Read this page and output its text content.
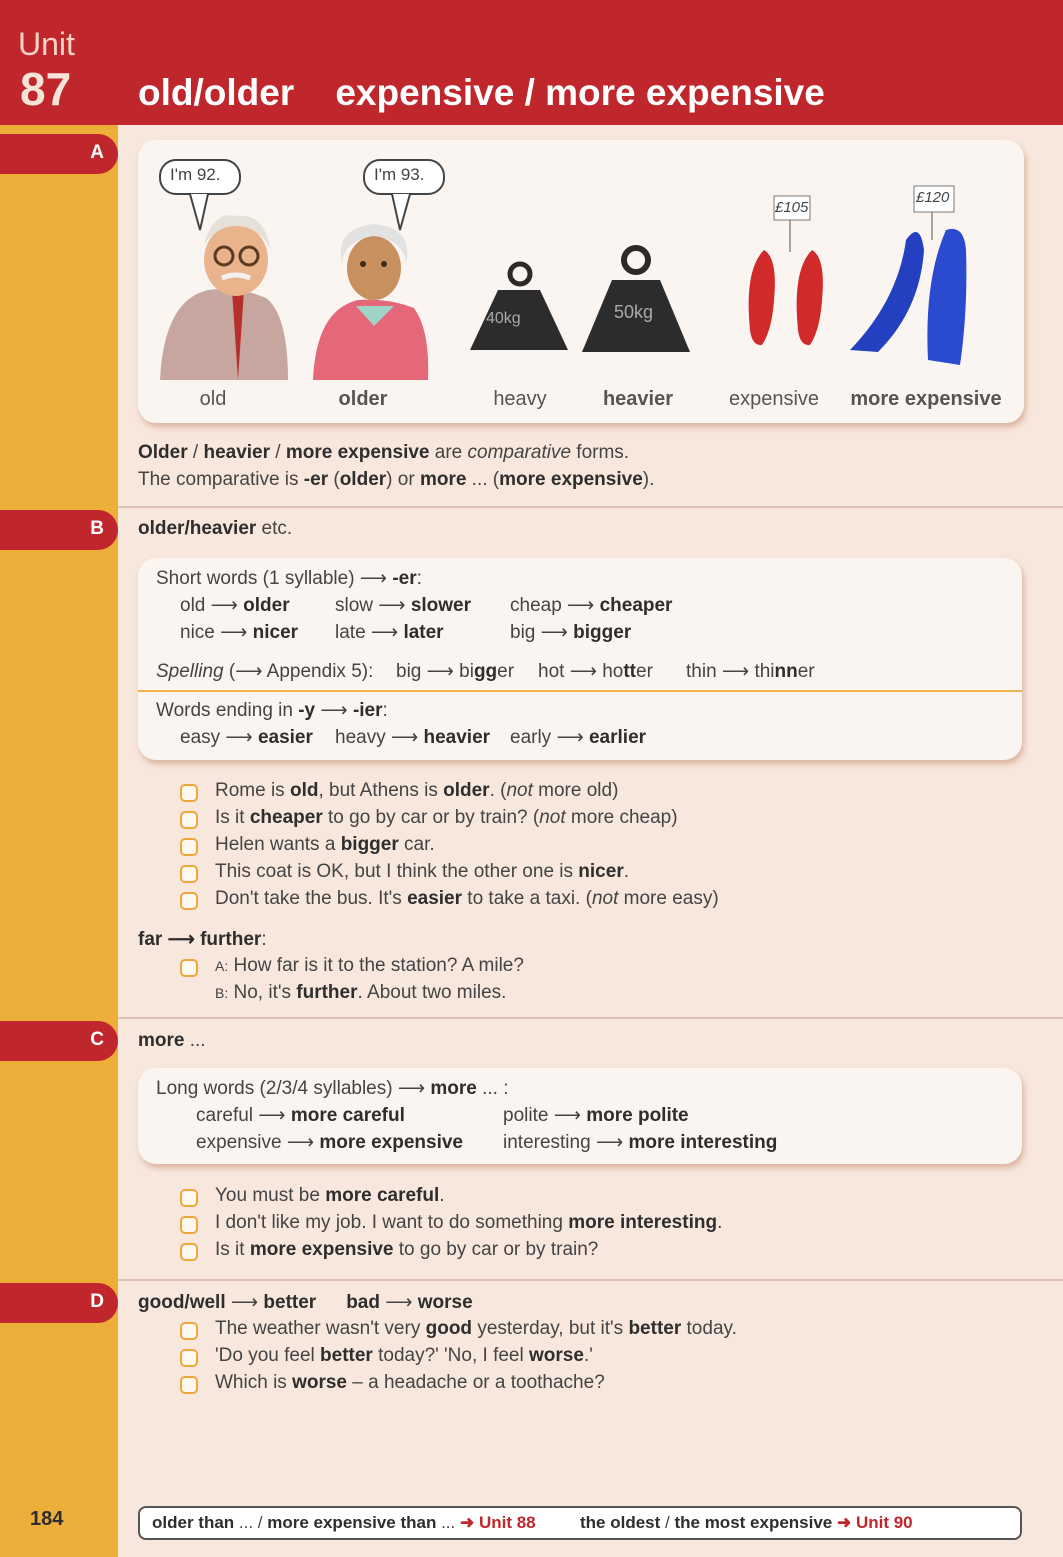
Unit
87 old/older    expensive / more expensive
A
B
C
D
I'm 92.	I'm 93.
40kg	50kg
£105
£120
old	older	heavy	heavier	expensive more expensive
Older / heavier / more expensive are comparative forms.
The comparative is -er (older) or more ... (more expensive).
older/heavier etc.
Short words (1 syllable) ⟶ -er:
old ⟶ older slow ⟶ slower cheap ⟶ cheaper
nice ⟶ nicer late ⟶ later	big ⟶ bigger
Spelling (⟶ Appendix 5): big ⟶ bigger hot ⟶ hotter thin ⟶ thinner
Words ending in -y ⟶ -ier:
easy ⟶ easier heavy ⟶ heavier early ⟶ earlier
Rome is old, but Athens is older. (not more old)
Is it cheaper to go by car or by train? (not more cheap)
Helen wants a bigger car.
This coat is OK, but I think the other one is nicer.
Don't take the bus. It's easier to take a taxi. (not more easy)
far ⟶ further:
A: How far is it to the station? A mile?
B: No, it's further. About two miles.
more ...
Long words (2/3/4 syllables) ⟶ more ... :
careful ⟶ more careful	polite ⟶ more polite
expensive ⟶ more expensive interesting ⟶ more interesting
You must be more careful.
I don't like my job. I want to do something more interesting.
Is it more expensive to go by car or by train?
good/well ⟶ better bad ⟶ worse
The weather wasn't very good yesterday, but it's better today.
'Do you feel better today?' 'No, I feel worse.'
Which is worse – a headache or a toothache?
184	older than ... / more expensive than ... ➜ Unit 88	the oldest / the most expensive ➜ Unit 90
